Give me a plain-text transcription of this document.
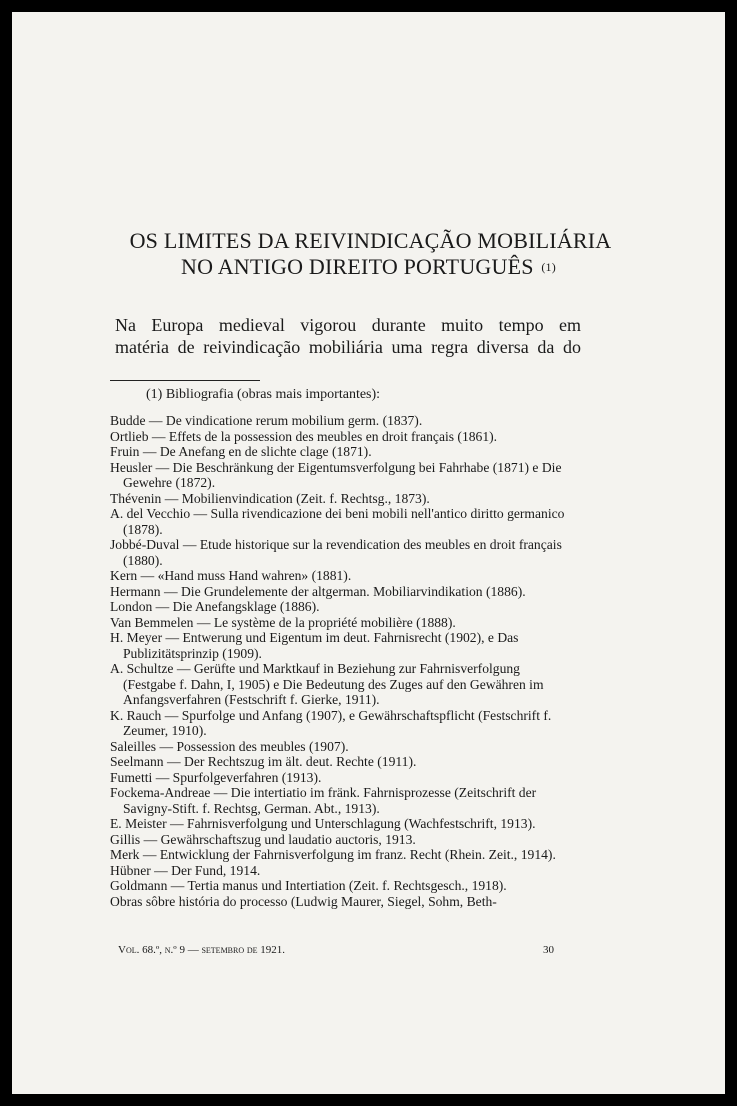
OS LIMITES DA REIVINDICAÇÃO MOBILIÁRIA
NO ANTIGO DIREITO PORTUGUÊS (1)
Na Europa medieval vigorou durante muito tempo em
matéria de reivindicação mobiliária uma regra diversa da do
(1) Bibliografia (obras mais importantes):
Budde — De vindicatione rerum mobilium germ. (1837).
Ortlieb — Effets de la possession des meubles en droit français (1861).
Fruin — De Anefang en de slichte clage (1871).
Heusler — Die Beschränkung der Eigentumsverfolgung bei Fahrhabe (1871) e Die Gewehre (1872).
Thévenin — Mobilienvindication (Zeit. f. Rechtsg., 1873).
A. del Vecchio — Sulla rivendicazione dei beni mobili nell'antico diritto germanico (1878).
Jobbé-Duval — Etude historique sur la revendication des meubles en droit français (1880).
Kern — «Hand muss Hand wahren» (1881).
Hermann — Die Grundelemente der altgerman. Mobiliarvindikation (1886).
London — Die Anefangsklage (1886).
Van Bemmelen — Le système de la propriété mobilière (1888).
H. Meyer — Entwerung und Eigentum im deut. Fahrnisrecht (1902), e Das Publizitätsprinzip (1909).
A. Schultze — Gerüfte und Marktkauf in Beziehung zur Fahrnisverfolgung (Festgabe f. Dahn, I, 1905) e Die Bedeutung des Zuges auf den Gewähren im Anfangsverfahren (Festschrift f. Gierke, 1911).
K. Rauch — Spurfolge und Anfang (1907), e Gewährschaftspflicht (Festschrift f. Zeumer, 1910).
Saleilles — Possession des meubles (1907).
Seelmann — Der Rechtszug im ält. deut. Rechte (1911).
Fumetti — Spurfolgeverfahren (1913).
Fockema-Andreae — Die intertiatio im fränk. Fahrnisprozesse (Zeitschrift der Savigny-Stift. f. Rechtsg, German. Abt., 1913).
E. Meister — Fahrnisverfolgung und Unterschlagung (Wachfestschrift, 1913).
Gillis — Gewährschaftszug und laudatio auctoris, 1913.
Merk — Entwicklung der Fahrnisverfolgung im franz. Recht (Rhein. Zeit., 1914).
Hübner — Der Fund, 1914.
Goldmann — Tertia manus und Intertiation (Zeit. f. Rechtsgesch., 1918).
Obras sôbre história do processo (Ludwig Maurer, Siegel, Sohm, Beth-
Vol. 68.º, n.º 9 — setembro de 1921.	30
